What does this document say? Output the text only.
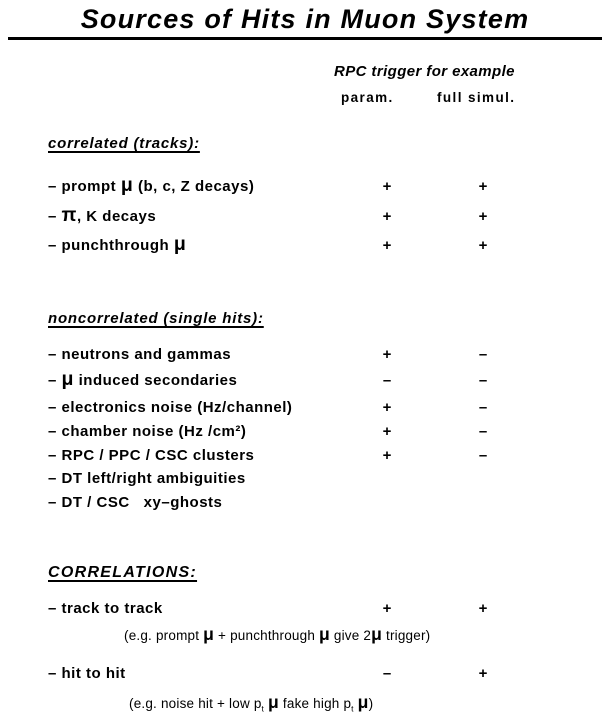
Sources of Hits in Muon System
RPC trigger for example
param.	full simul.
correlated (tracks):
– prompt μ (b, c, Z decays)	+	+
– π, K decays	+	+
– punchthrough μ	+	+
noncorrelated (single hits):
– neutrons and gammas	+	–
– μ induced secondaries	–	–
– electronics noise (Hz/channel)	+	–
– chamber noise (Hz /cm²)	+	–
– RPC / PPC / CSC clusters	+	–
– DT left/right ambiguities
– DT / CSC   xy–ghosts
CORRELATIONS:
– track to track	+	+
(e.g. prompt μ + punchthrough μ give 2μ trigger)
– hit to hit	–	+
(e.g. noise hit + low $p_t$ μ fake high $p_t$ μ)
